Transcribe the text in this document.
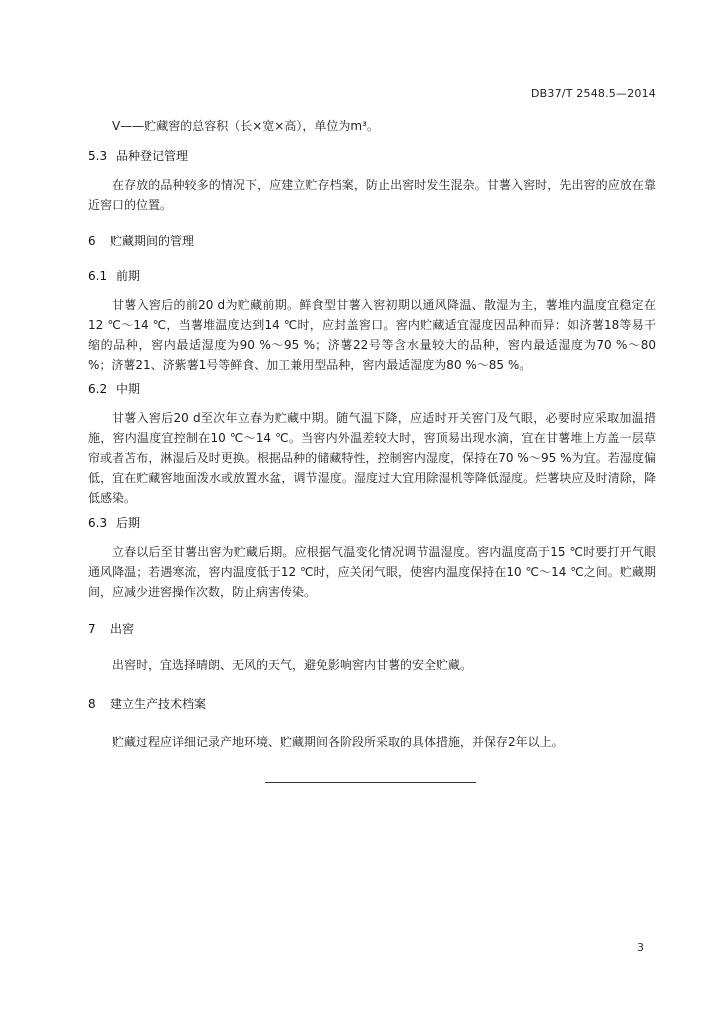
DB37/T 2548.5—2014

V——贮藏窖的总容积（长×宽×高），单位为m³。

5.3 品种登记管理

在存放的品种较多的情况下，应建立贮存档案，防止出窖时发生混杂。甘薯入窖时，先出窖的应放在靠近窖口的位置。

6 贮藏期间的管理
6.1 前期

甘薯入窖后的前20 d为贮藏前期。鲜食型甘薯入窖初期以通风降温、散湿为主，薯堆内温度宜稳定在12 ℃～14 ℃，当薯堆温度达到14 ℃时，应封盖窖口。窖内贮藏适宜湿度因品种而异：如济薯18等易干缩的品种，窖内最适湿度为90 %～95 %；济薯22号等含水量较大的品种，窖内最适湿度为70 %～80 %；济薯21、济紫薯1号等鲜食、加工兼用型品种，窖内最适湿度为80 %～85 %。

6.2 中期

甘薯入窖后20 d至次年立春为贮藏中期。随气温下降，应适时开关窖门及气眼，必要时应采取加温措施，窖内温度宜控制在10 ℃～14 ℃。当窖内外温差较大时，窖顶易出现水滴，宜在甘薯堆上方盖一层草帘或者苫布，淋湿后及时更换。根据品种的储藏特性，控制窖内湿度，保持在70 %～95 %为宜。若湿度偏低，宜在贮藏窖地面泼水或放置水盆，调节湿度。湿度过大宜用除湿机等降低湿度。烂薯块应及时清除，降低感染。

6.3 后期

立春以后至甘薯出窖为贮藏后期。应根据气温变化情况调节温湿度。窖内温度高于15 ℃时要打开气眼通风降温；若遇寒流，窖内温度低于12 ℃时，应关闭气眼，使窖内温度保持在10 ℃～14 ℃之间。贮藏期间，应减少进窖操作次数，防止病害传染。

7 出窖

出窖时，宜选择晴朗、无风的天气，避免影响窖内甘薯的安全贮藏。

8 建立生产技术档案

贮藏过程应详细记录产地环境、贮藏期间各阶段所采取的具体措施，并保存2年以上。

3
